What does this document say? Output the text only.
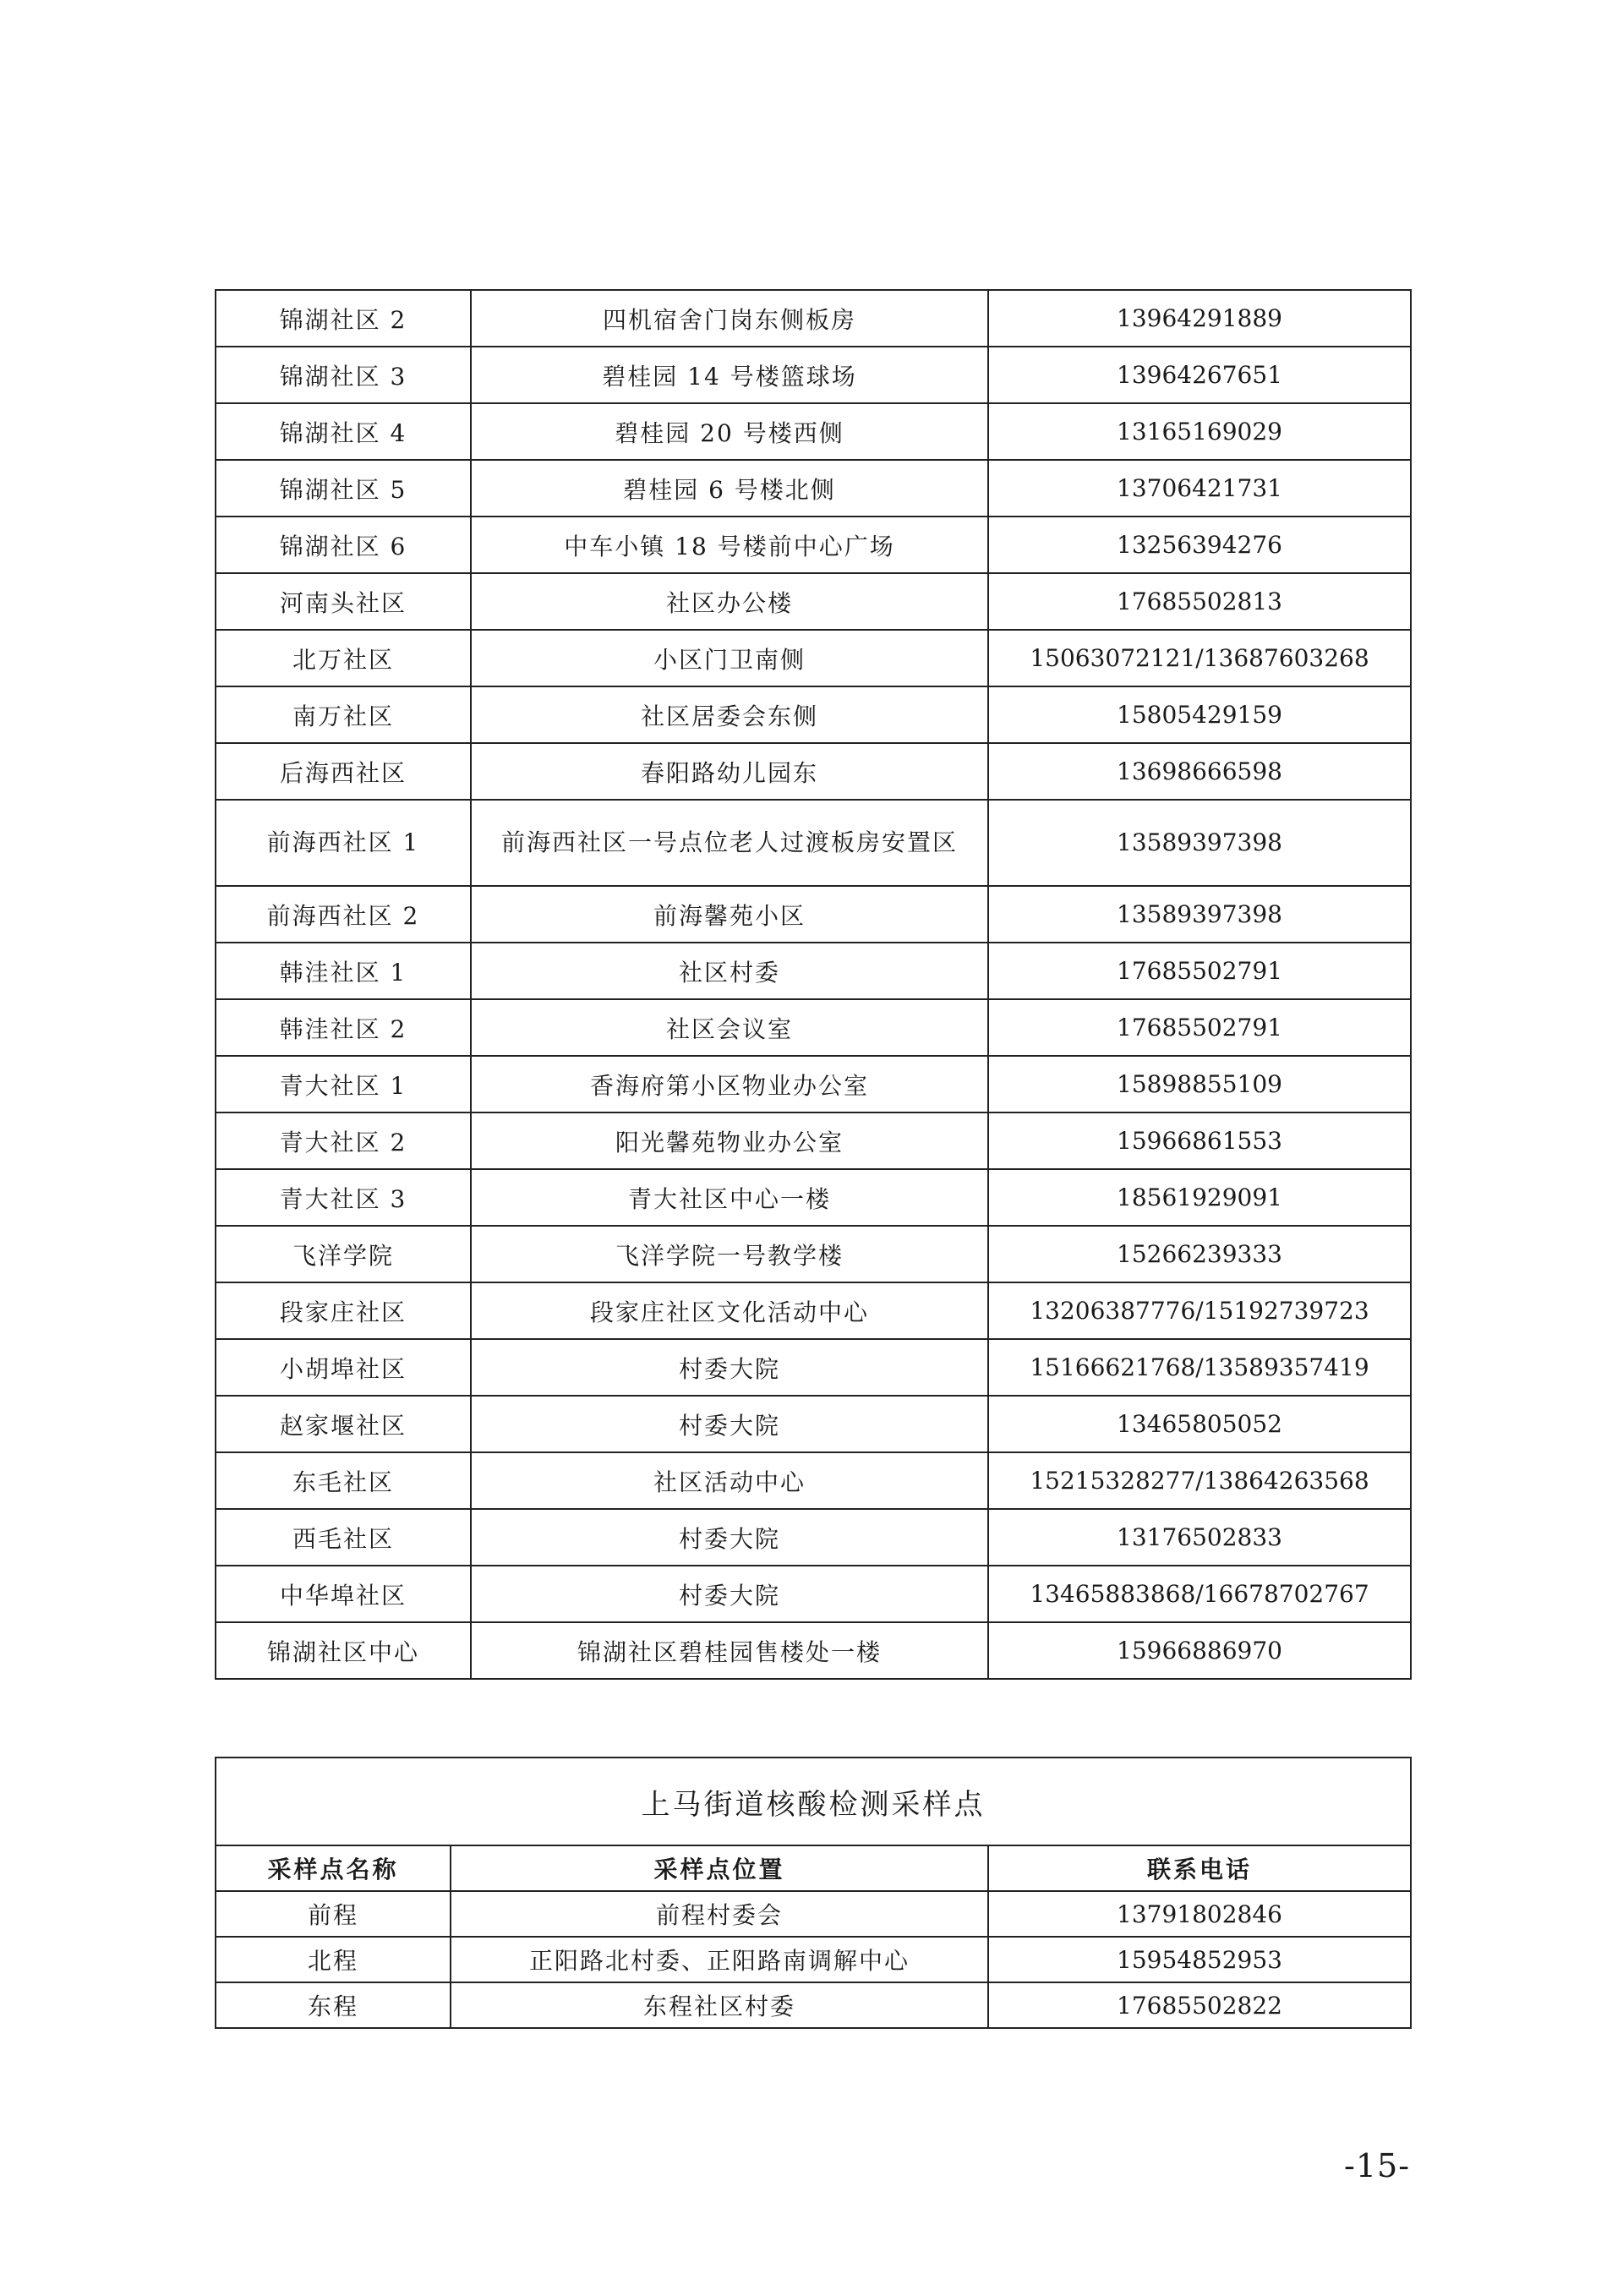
锦湖社区 2	四机宿舍门岗东侧板房	13964291889
锦湖社区 3	碧桂园 14 号楼篮球场	13964267651
锦湖社区 4	碧桂园 20 号楼西侧	13165169029
锦湖社区 5	碧桂园 6 号楼北侧	13706421731
锦湖社区 6	中车小镇 18 号楼前中心广场	13256394276
河南头社区	社区办公楼	17685502813
北万社区	小区门卫南侧	15063072121/13687603268
南万社区	社区居委会东侧	15805429159
后海西社区	春阳路幼儿园东	13698666598
前海西社区 1	前海西社区一号点位老人过渡板房安置区	13589397398
前海西社区 2	前海馨苑小区	13589397398
韩洼社区 1	社区村委	17685502791
韩洼社区 2	社区会议室	17685502791
青大社区 1	香海府第小区物业办公室	15898855109
青大社区 2	阳光馨苑物业办公室	15966861553
青大社区 3	青大社区中心一楼	18561929091
飞洋学院	飞洋学院一号教学楼	15266239333
段家庄社区	段家庄社区文化活动中心	13206387776/15192739723
小胡埠社区	村委大院	15166621768/13589357419
赵家堰社区	村委大院	13465805052
东毛社区	社区活动中心	15215328277/13864263568
西毛社区	村委大院	13176502833
中华埠社区	村委大院	13465883868/16678702767
锦湖社区中心	锦湖社区碧桂园售楼处一楼	15966886970
上马街道核酸检测采样点		
采样点名称	采样点位置	联系电话
前程	前程村委会	13791802846
北程	正阳路北村委、正阳路南调解中心	15954852953
东程	东程社区村委	17685502822
-15-
